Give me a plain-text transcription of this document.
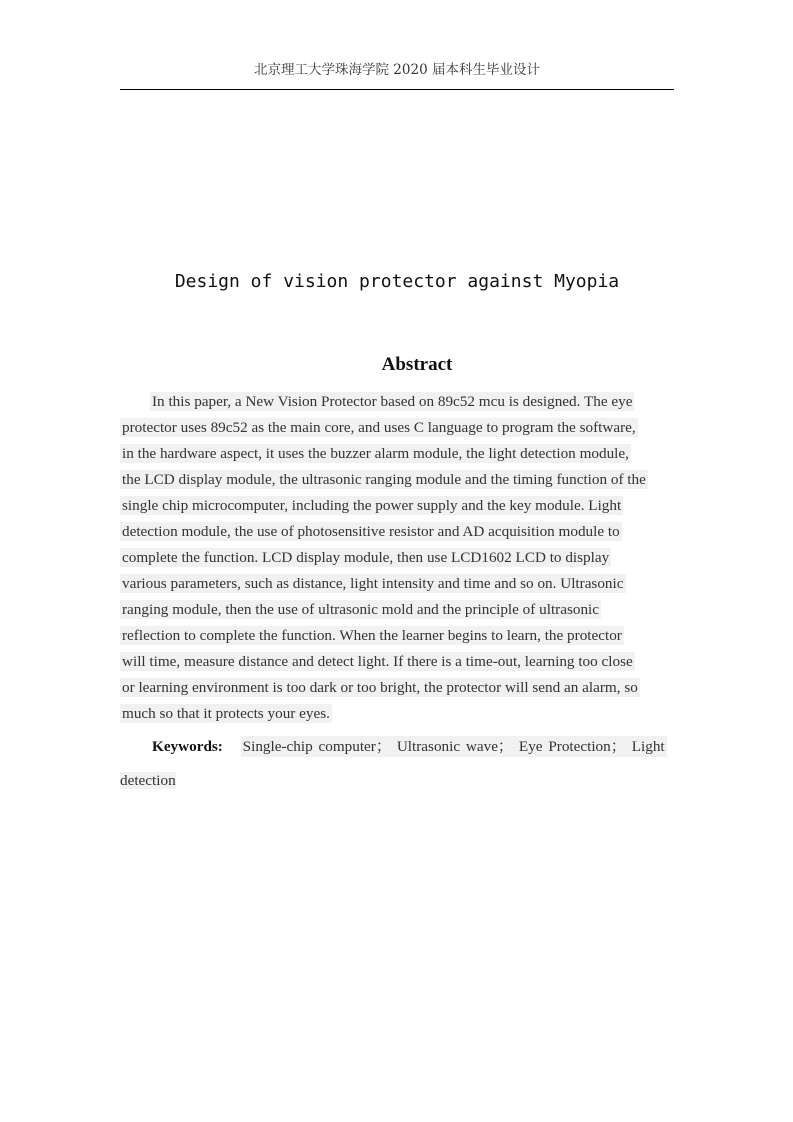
北京理工大学珠海学院 2020 届本科生毕业设计
Design of vision protector against Myopia
Abstract
In this paper, a New Vision Protector based on 89c52 mcu is designed. The eye
protector uses 89c52 as the main core, and uses C language to program the software,
in the hardware aspect, it uses the buzzer alarm module, the light detection module,
the LCD display module, the ultrasonic ranging module and the timing function of the
single chip microcomputer, including the power supply and the key module. Light
detection module, the use of photosensitive resistor and AD acquisition module to
complete the function. LCD display module, then use LCD1602 LCD to display
various parameters, such as distance, light intensity and time and so on. Ultrasonic
ranging module, then the use of ultrasonic mold and the principle of ultrasonic
reflection to complete the function. When the learner begins to learn, the protector
will time, measure distance and detect light. If there is a time-out, learning too close
or learning environment is too dark or too bright, the protector will send an alarm, so
much so that it protects your eyes.
Keywords: Single-chip computer； Ultrasonic wave； Eye Protection； Light
detection
